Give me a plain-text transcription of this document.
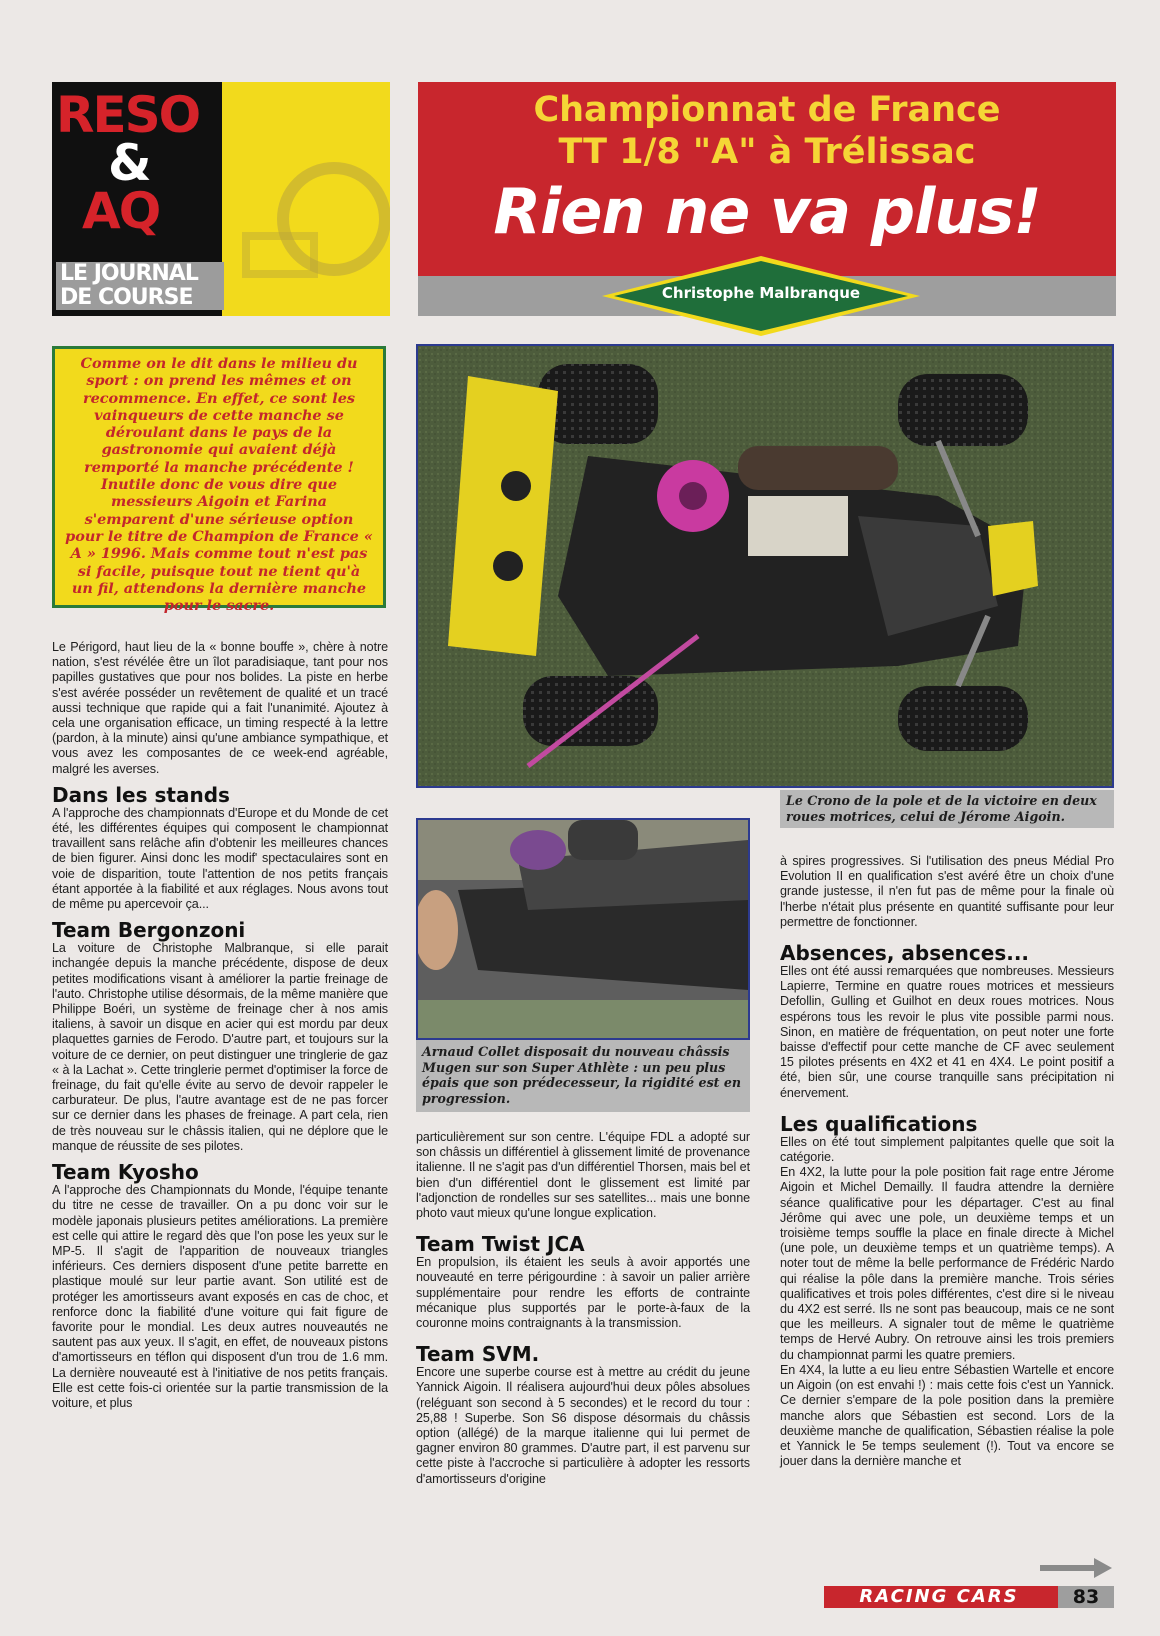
RESO
&
AQ
LE JOURNAL
DE COURSE
Championnat de France
TT 1/8 "A" à Trélissac
Rien ne va plus!
Christophe Malbranque

Comme on le dit dans le milieu du sport : on prend les mêmes et on recommence. En effet, ce sont les vainqueurs de cette manche se déroulant dans le pays de la gastronomie qui avaient déjà remporté la manche précédente ! Inutile donc de vous dire que messieurs Aigoin et Farina s'emparent d'une sérieuse option pour le titre de Champion de France « A » 1996. Mais comme tout n'est pas si facile, puisque tout ne tient qu'à un fil, attendons la dernière manche pour le sacre.

Le Crono de la pole et de la victoire en deux roues motrices, celui de Jérome Aigoin.
Arnaud Collet disposait du nouveau châssis Mugen sur son Super Athlète : un peu plus épais que son prédecesseur, la rigidité est en progression.

Le Périgord, haut lieu de la « bonne bouffe », chère à notre nation, s'est révélée être un îlot paradisiaque, tant pour nos papilles gustatives que pour nos bolides. La piste en herbe s'est avérée posséder un revêtement de qualité et un tracé aussi technique que rapide qui a fait l'unanimité. Ajoutez à cela une organisation efficace, un timing respecté à la lettre (pardon, à la minute) ainsi qu'une ambiance sympathique, et vous avez les composantes de ce week-end agréable, malgré les averses.

Dans les stands

A l'approche des championnats d'Europe et du Monde de cet été, les différentes équipes qui composent le championnat travaillent sans relâche afin d'obtenir les meilleures chances de bien figurer. Ainsi donc les modif' spectaculaires sont en voie de disparition, toute l'attention de nos petits français étant apportée à la fiabilité et aux réglages. Nous avons tout de même pu apercevoir ça...

Team Bergonzoni

La voiture de Christophe Malbranque, si elle parait inchangée depuis la manche précédente, dispose de deux petites modifications visant à améliorer la partie freinage de l'auto. Christophe utilise désormais, de la même manière que Philippe Boéri, un système de freinage cher à nos amis italiens, à savoir un disque en acier qui est mordu par deux plaquettes garnies de Ferodo. D'autre part, et toujours sur la voiture de ce dernier, on peut distinguer une tringlerie de gaz « à la Lachat ». Cette tringlerie permet d'optimiser la force de freinage, du fait qu'elle évite au servo de devoir rappeler le carburateur. De plus, l'autre avantage est de ne pas forcer sur ce dernier dans les phases de freinage. A part cela, rien de très nouveau sur le châssis italien, qui ne déplore que le manque de réussite de ses pilotes.

Team Kyosho

A l'approche des Championnats du Monde, l'équipe tenante du titre ne cesse de travailler. On a pu donc voir sur le modèle japonais plusieurs petites améliorations. La première est celle qui attire le regard dès que l'on pose les yeux sur le MP-5. Il s'agit de l'apparition de nouveaux triangles inférieurs. Ces derniers disposent d'une petite barrette en plastique moulé sur leur partie avant. Son utilité est de protéger les amortisseurs avant exposés en cas de choc, et renforce donc la fiabilité d'une voiture qui fait figure de favorite pour le mondial. Les deux autres nouveautés ne sautent pas aux yeux. Il s'agit, en effet, de nouveaux pistons d'amortisseurs en téflon qui disposent d'un trou de 1.6 mm. La dernière nouveauté est à l'initiative de nos petits français. Elle est cette fois-ci orientée sur la partie transmission de la voiture, et plus

particulièrement sur son centre. L'équipe FDL a adopté sur son châssis un différentiel à glissement limité de provenance italienne. Il ne s'agit pas d'un différentiel Thorsen, mais bel et bien d'un différentiel dont le glissement est limité par l'adjonction de rondelles sur ses satellites... mais une bonne photo vaut mieux qu'une longue explication.

Team Twist JCA

En propulsion, ils étaient les seuls à avoir apportés une nouveauté en terre périgourdine : à savoir un palier arrière supplémentaire pour rendre les efforts de contrainte mécanique plus supportés par le porte-à-faux de la couronne moins contraignants à la transmission.

Team SVM.

Encore une superbe course est à mettre au crédit du jeune Yannick Aigoin. Il réalisera aujourd'hui deux pôles absolues (reléguant son second à 5 secondes) et le record du tour : 25,88 ! Superbe. Son S6 dispose désormais du châssis option (allégé) de la marque italienne qui lui permet de gagner environ 80 grammes. D'autre part, il est parvenu sur cette piste à l'accroche si particulière à adopter les ressorts d'amortisseurs d'origine

à spires progressives. Si l'utilisation des pneus Médial Pro Evolution II en qualification s'est avéré être un choix d'une grande justesse, il n'en fut pas de même pour la finale où l'herbe n'était plus présente en quantité suffisante pour leur permettre de fonctionner.

Absences, absences...

Elles ont été aussi remarquées que nombreuses. Messieurs Lapierre, Termine en quatre roues motrices et messieurs Defollin, Gulling et Guilhot en deux roues motrices. Nous espérons tous les revoir le plus vite possible parmi nous. Sinon, en matière de fréquentation, on peut noter une forte baisse d'effectif pour cette manche de CF avec seulement 15 pilotes présents en 4X2 et 41 en 4X4. Le point positif a été, bien sûr, une course tranquille sans précipitation ni énervement.

Les qualifications

Elles on été tout simplement palpitantes quelle que soit la catégorie.

En 4X2, la lutte pour la pole position fait rage entre Jérome Aigoin et Michel Demailly. Il faudra attendre la dernière séance qualificative pour les départager. C'est au final Jérôme qui avec une pole, un deuxième temps et un troisième temps souffle la place en finale directe à Michel (une pole, un deuxième temps et un quatrième temps). A noter tout de même la belle performance de Frédéric Nardo qui réalise la pôle dans la première manche. Trois séries qualificatives et trois poles différentes, c'est dire si le niveau du 4X2 est serré. Ils ne sont pas beaucoup, mais ce ne sont que les meilleurs. A signaler tout de même le quatrième temps de Hervé Aubry. On retrouve ainsi les trois premiers du championnat parmi les quatre premiers.

En 4X4, la lutte a eu lieu entre Sébastien Wartelle et encore un Aigoin (on est envahi !) : mais cette fois c'est un Yannick. Ce dernier s'empare de la pole position dans la première manche alors que Sébastien est second. Lors de la deuxième manche de qualification, Sébastien réalise la pole et Yannick le 5e temps seulement (!). Tout va encore se jouer dans la dernière manche et

RACING CARS	83
